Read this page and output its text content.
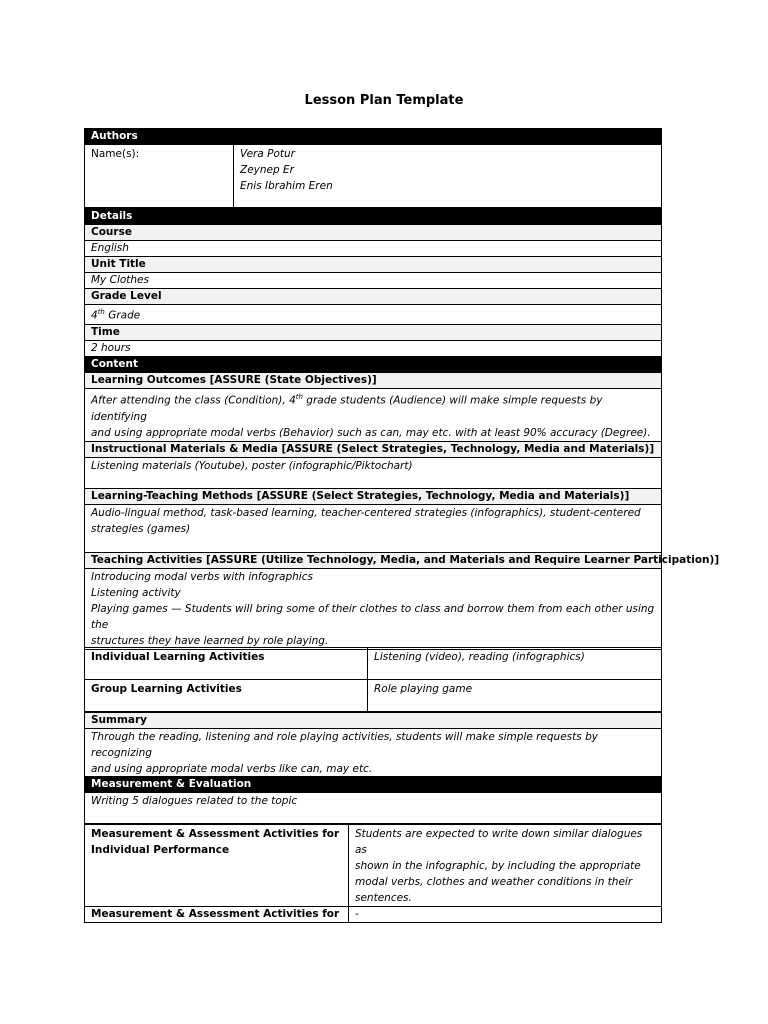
Lesson Plan Template
Authors
Name(s):	Vera Potur
Zeynep Er
Enis Ibrahim Eren
Details
Course
English
Unit Title
My Clothes
Grade Level
4th Grade
Time
2 hours
Content
Learning Outcomes [ASSURE (State Objectives)]

After attending the class (Condition), 4th grade students (Audience) will make simple requests by identifying
and using appropriate modal verbs (Behavior) such as can, may etc. with at least 90% accuracy (Degree).

Instructional Materials & Media [ASSURE (Select Strategies, Technology, Media and Materials)]
Listening materials (Youtube), poster (infographic/Piktochart)
Learning-Teaching Methods [ASSURE (Select Strategies, Technology, Media and Materials)]

Audio-lingual method, task-based learning, teacher-centered strategies (infographics), student-centered
strategies (games)

Teaching Activities [ASSURE (Utilize Technology, Media, and Materials and Require Learner Participation)]

Introducing modal verbs with infographics
Listening activity
Playing games — Students will bring some of their clothes to class and borrow them from each other using the
structures they have learned by role playing.
Individual Learning Activities	Listening (video), reading (infographics)
Group Learning Activities	Role playing game
Summary

Through the reading, listening and role playing activities, students will make simple requests by recognizing
and using appropriate modal verbs like can, may etc.
Measurement & Evaluation
Writing 5 dialogues related to the topic
Measurement & Assessment Activities for
Individual Performance	Students are expected to write down similar dialogues as
shown in the infographic, by including the appropriate
modal verbs, clothes and weather conditions in their
sentences.

Measurement & Assessment Activities for	-
